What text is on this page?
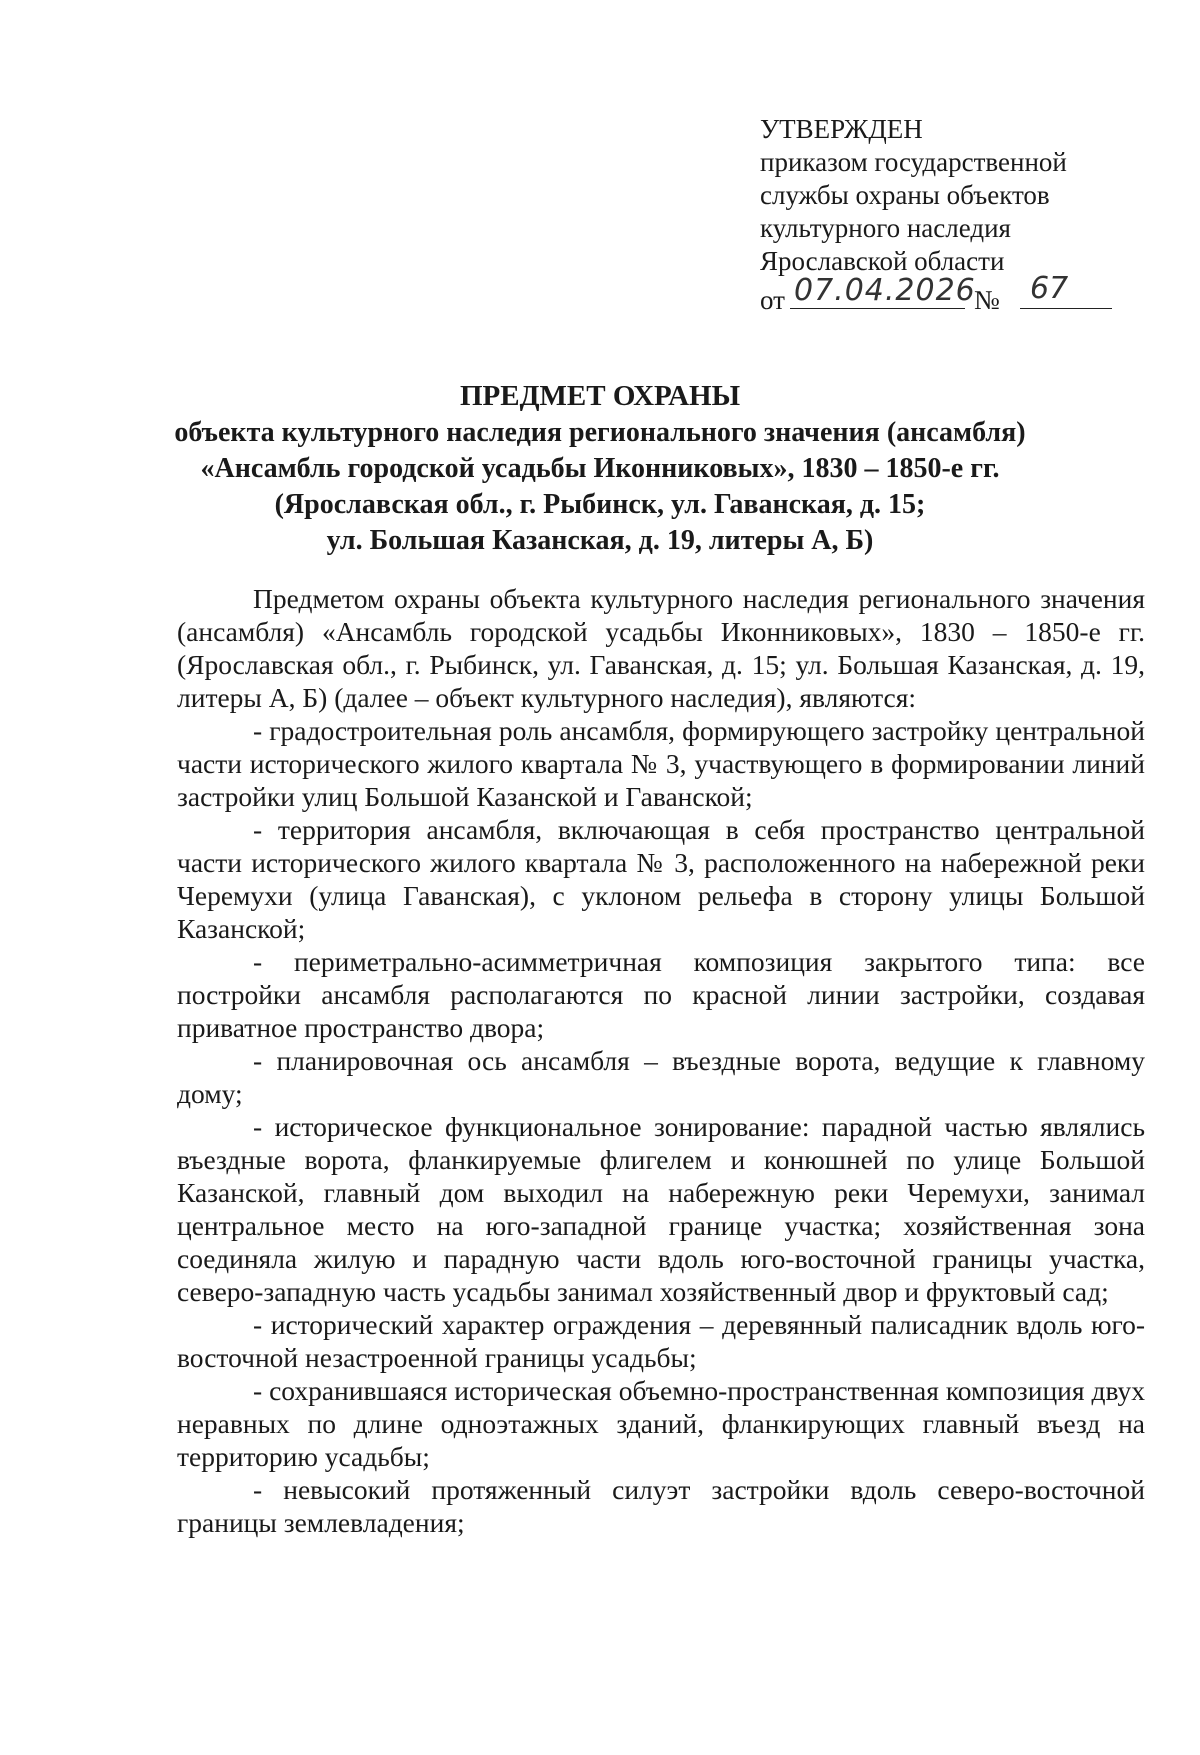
УТВЕРЖДЕН
приказом государственной
службы охраны объектов
культурного наследия
Ярославской области
от 07.04.2026
№ 67
ПРЕДМЕТ ОХРАНЫ
объекта культурного наследия регионального значения (ансамбля)
«Ансамбль городской усадьбы Иконниковых», 1830 – 1850-е гг.
(Ярославская обл., г. Рыбинск, ул. Гаванская, д. 15;
ул. Большая Казанская, д. 19, литеры А, Б)

Предметом охраны объекта культурного наследия регионального значения (ансамбля) «Ансамбль городской усадьбы Иконниковых», 1830 – 1850-е гг. (Ярославская обл., г. Рыбинск, ул. Гаванская, д. 15; ул. Большая Казанская, д. 19, литеры А, Б) (далее – объект культурного наследия), являются:

- градостроительная роль ансамбля, формирующего застройку центральной части исторического жилого квартала № 3, участвующего в формировании линий застройки улиц Большой Казанской и Гаванской;

- территория ансамбля, включающая в себя пространство центральной части исторического жилого квартала № 3, расположенного на набережной реки Черемухи (улица Гаванская), с уклоном рельефа в сторону улицы Большой Казанской;

- периметрально-асимметричная композиция закрытого типа: все постройки ансамбля располагаются по красной линии застройки, создавая приватное пространство двора;

- планировочная ось ансамбля – въездные ворота, ведущие к главному дому;

- историческое функциональное зонирование: парадной частью являлись въездные ворота, фланкируемые флигелем и конюшней по улице Большой Казанской, главный дом выходил на набережную реки Черемухи, занимал центральное место на юго-западной границе участка; хозяйственная зона соединяла жилую и парадную части вдоль юго-восточной границы участка, северо-западную часть усадьбы занимал хозяйственный двор и фруктовый сад;

- исторический характер ограждения – деревянный палисадник вдоль юго-восточной незастроенной границы усадьбы;

- сохранившаяся историческая объемно-пространственная композиция двух неравных по длине одноэтажных зданий, фланкирующих главный въезд на территорию усадьбы;

- невысокий протяженный силуэт застройки вдоль северо-восточной границы землевладения;
